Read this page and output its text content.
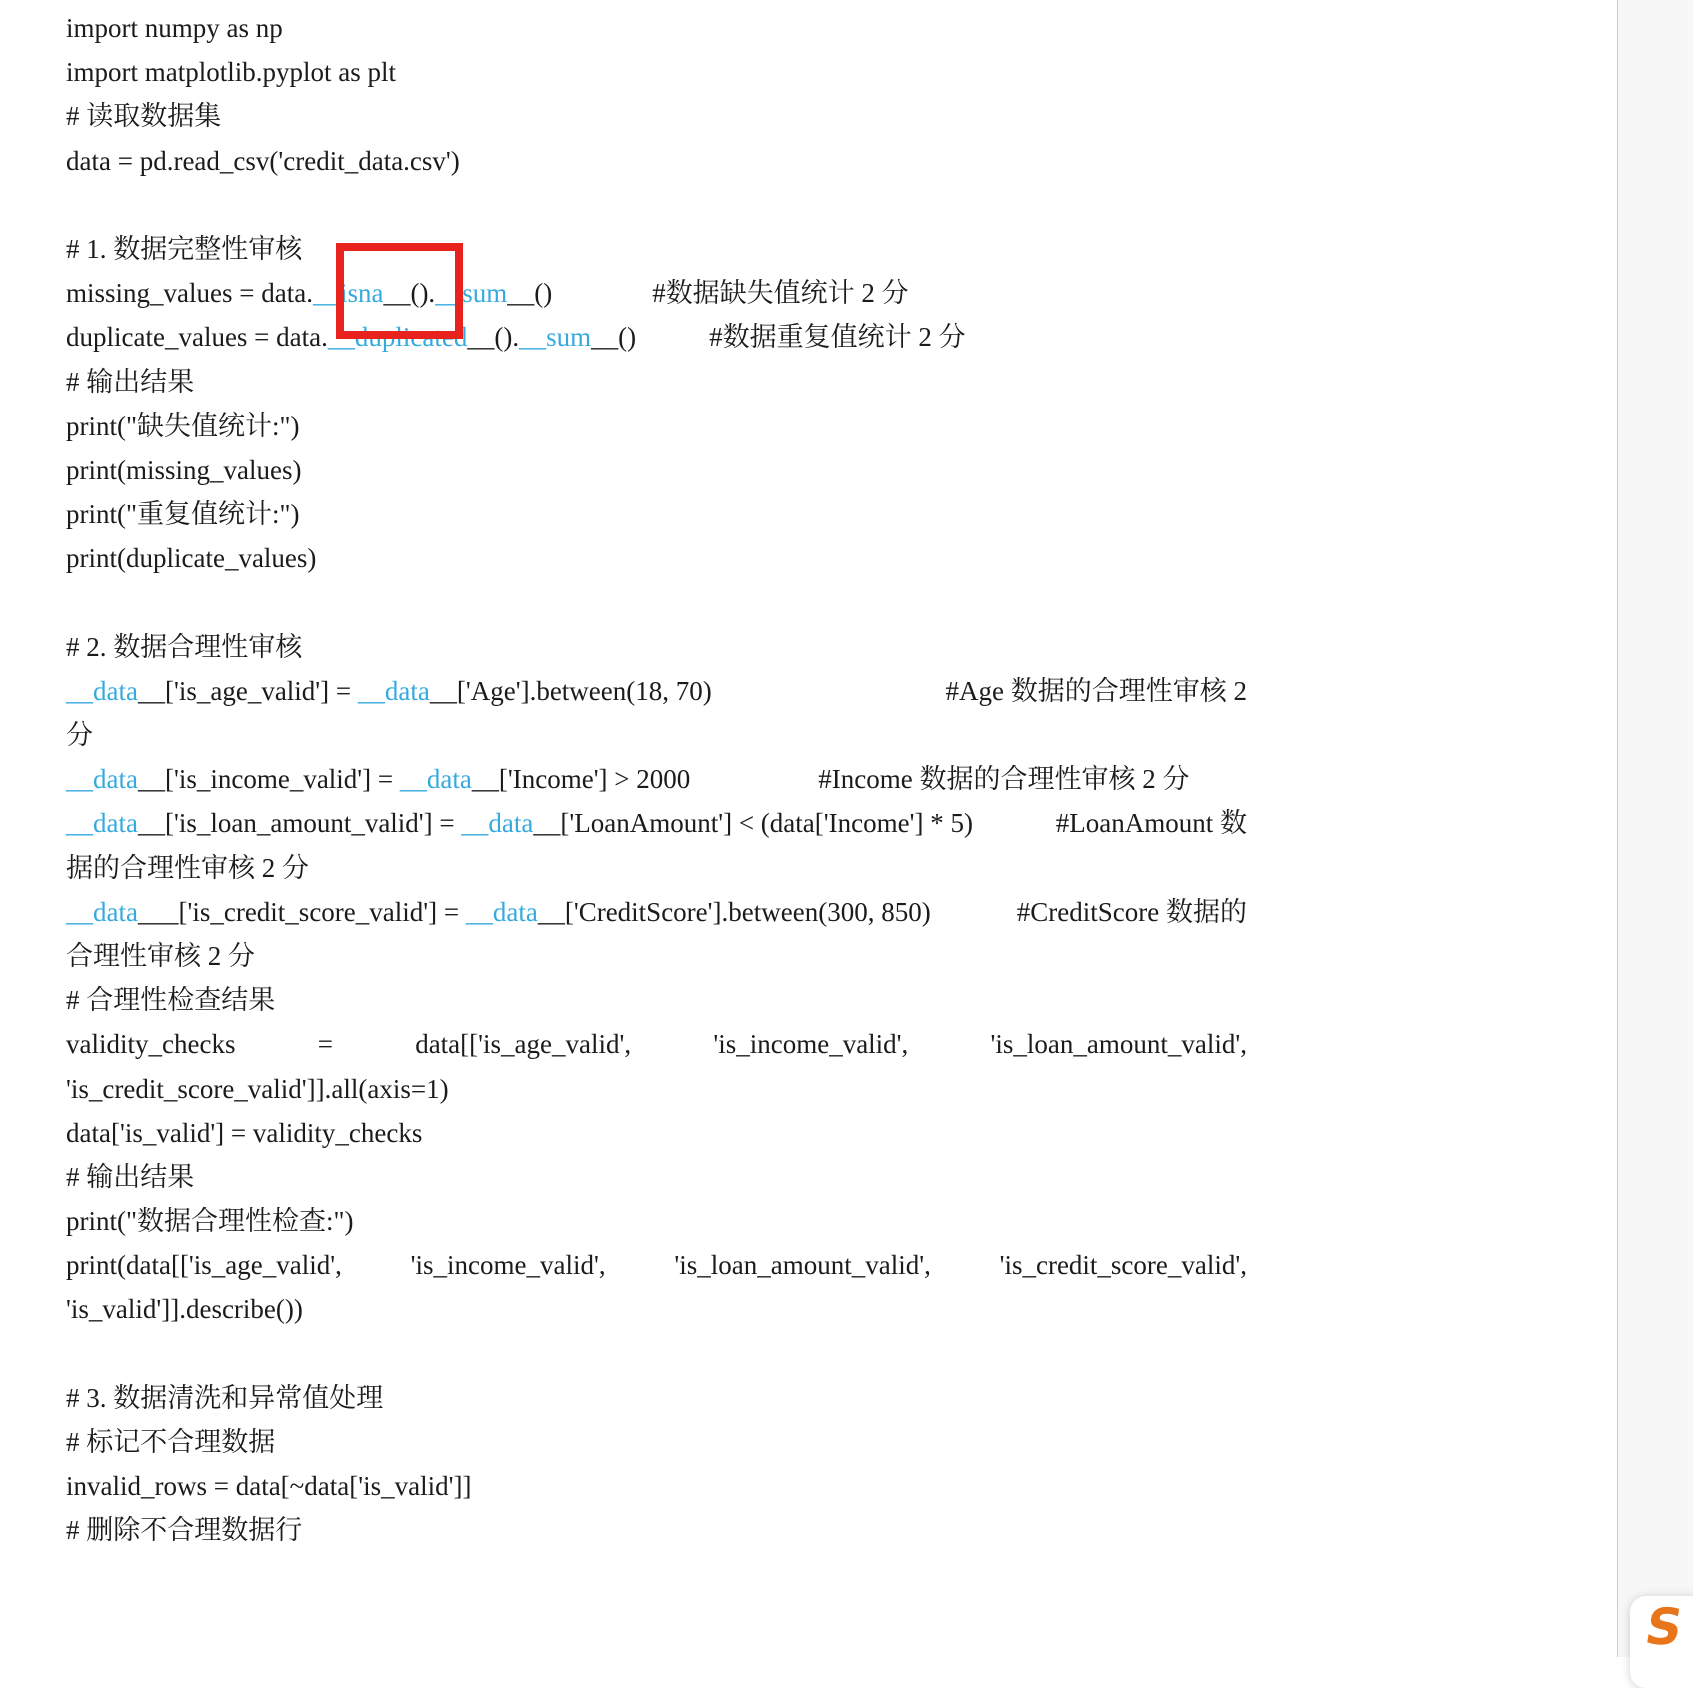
import numpy as np
import matplotlib.pyplot as plt
# 读取数据集
data = pd.read_csv('credit_data.csv')

# 1. 数据完整性审核
missing_values = data.__isna__().__sum__()	#数据缺失值统计 2 分
duplicate_values = data.__duplicated__().__sum__()	#数据重复值统计 2 分
# 输出结果
print("缺失值统计:")
print(missing_values)
print("重复值统计:")
print(duplicate_values)

# 2. 数据合理性审核
__data__['is_age_valid'] = __data__['Age'].between(18, 70)	#Age 数据的合理性审核 2
分
__data__['is_income_valid'] = __data__['Income'] > 2000	#Income 数据的合理性审核 2 分
__data__['is_loan_amount_valid'] = __data__['LoanAmount'] < (data['Income'] * 5)	#LoanAmount 数
据的合理性审核 2 分
__data___['is_credit_score_valid'] = __data__['CreditScore'].between(300, 850)	#CreditScore 数据的
合理性审核 2 分
# 合理性检查结果
validity_checks	=	data[['is_age_valid',	'is_income_valid',	'is_loan_amount_valid',
'is_credit_score_valid']].all(axis=1)
data['is_valid'] = validity_checks
# 输出结果
print("数据合理性检查:")
print(data[['is_age_valid',	'is_income_valid',	'is_loan_amount_valid',	'is_credit_score_valid',
'is_valid']].describe())

# 3. 数据清洗和异常值处理
# 标记不合理数据
invalid_rows = data[~data['is_valid']]
# 删除不合理数据行
S
